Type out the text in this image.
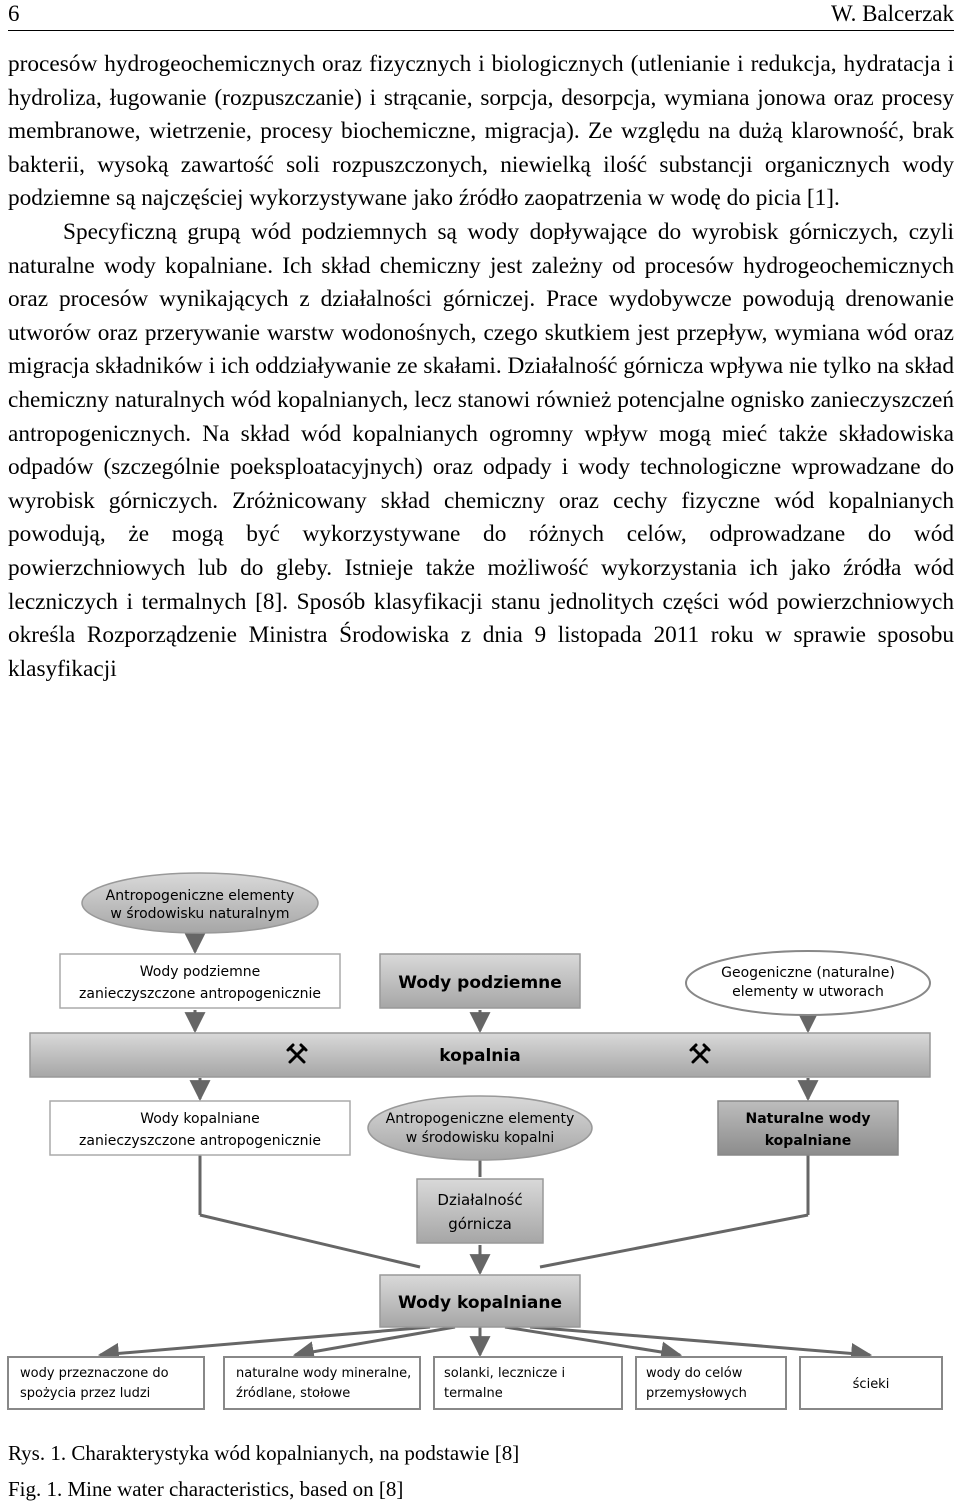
6	W. Balcerzak

procesów hydrogeochemicznych oraz fizycznych i biologicznych (utlenianie i redukcja, hydratacja i hydroliza, ługowanie (rozpuszczanie) i strącanie, sorpcja, desorpcja, wymiana jonowa oraz procesy membranowe, wietrzenie, procesy biochemiczne, migracja). Ze względu na dużą klarowność, brak bakterii, wysoką zawartość soli rozpuszczonych, niewielką ilość substancji organicznych wody podziemne są najczęściej wykorzystywane jako źródło zaopatrzenia w wodę do picia [1].

Specyficzną grupą wód podziemnych są wody dopływające do wyrobisk górniczych, czyli naturalne wody kopalniane. Ich skład chemiczny jest zależny od procesów hydrogeochemicznych oraz procesów wynikających z działalności górniczej. Prace wydobywcze powodują drenowanie utworów oraz przerywanie warstw wodonośnych, czego skutkiem jest przepływ, wymiana wód oraz migracja składników i ich oddziaływanie ze skałami. Działalność górnicza wpływa nie tylko na skład chemiczny naturalnych wód kopalnianych, lecz stanowi również potencjalne ognisko zanieczyszczeń antropogenicznych. Na skład wód kopalnianych ogromny wpływ mogą mieć także składowiska odpadów (szczególnie poeksploatacyjnych) oraz odpady i wody technologiczne wprowadzane do wyrobisk górniczych. Zróżnicowany skład chemiczny oraz cechy fizyczne wód kopalnianych powodują, że mogą być wykorzystywane do różnych celów, odprowadzane do wód powierzchniowych lub do gleby. Istnieje także możliwość wykorzystania ich jako źródła wód leczniczych i termalnych [8]. Sposób klasyfikacji stanu jednolitych części wód powierzchniowych określa Rozporządzenie Ministra Środowiska z dnia 9 listopada 2011 roku w sprawie sposobu klasyfikacji

Antropogeniczne elementy
w środowisku naturalnym
Wody podziemne
zanieczyszczone antropogenicznie
Wody podziemne	Geogeniczne (naturalne)
elementy w utworach
kopalnia
Wody kopalniane
zanieczyszczone antropogenicznie
Antropogeniczne elementy
w środowisku kopalni
Naturalne wody
kopalniane
Działalność
górnicza
Wody kopalniane
wody przeznaczone do
spożycia przez ludzi
naturalne wody mineralne,
źródlane, stołowe
solanki, lecznicze i
termalne
wody do celów
przemysłowych
ścieki
Rys. 1. Charakterystyka wód kopalnianych, na podstawie [8]
Fig. 1. Mine water characteristics, based on [8]
